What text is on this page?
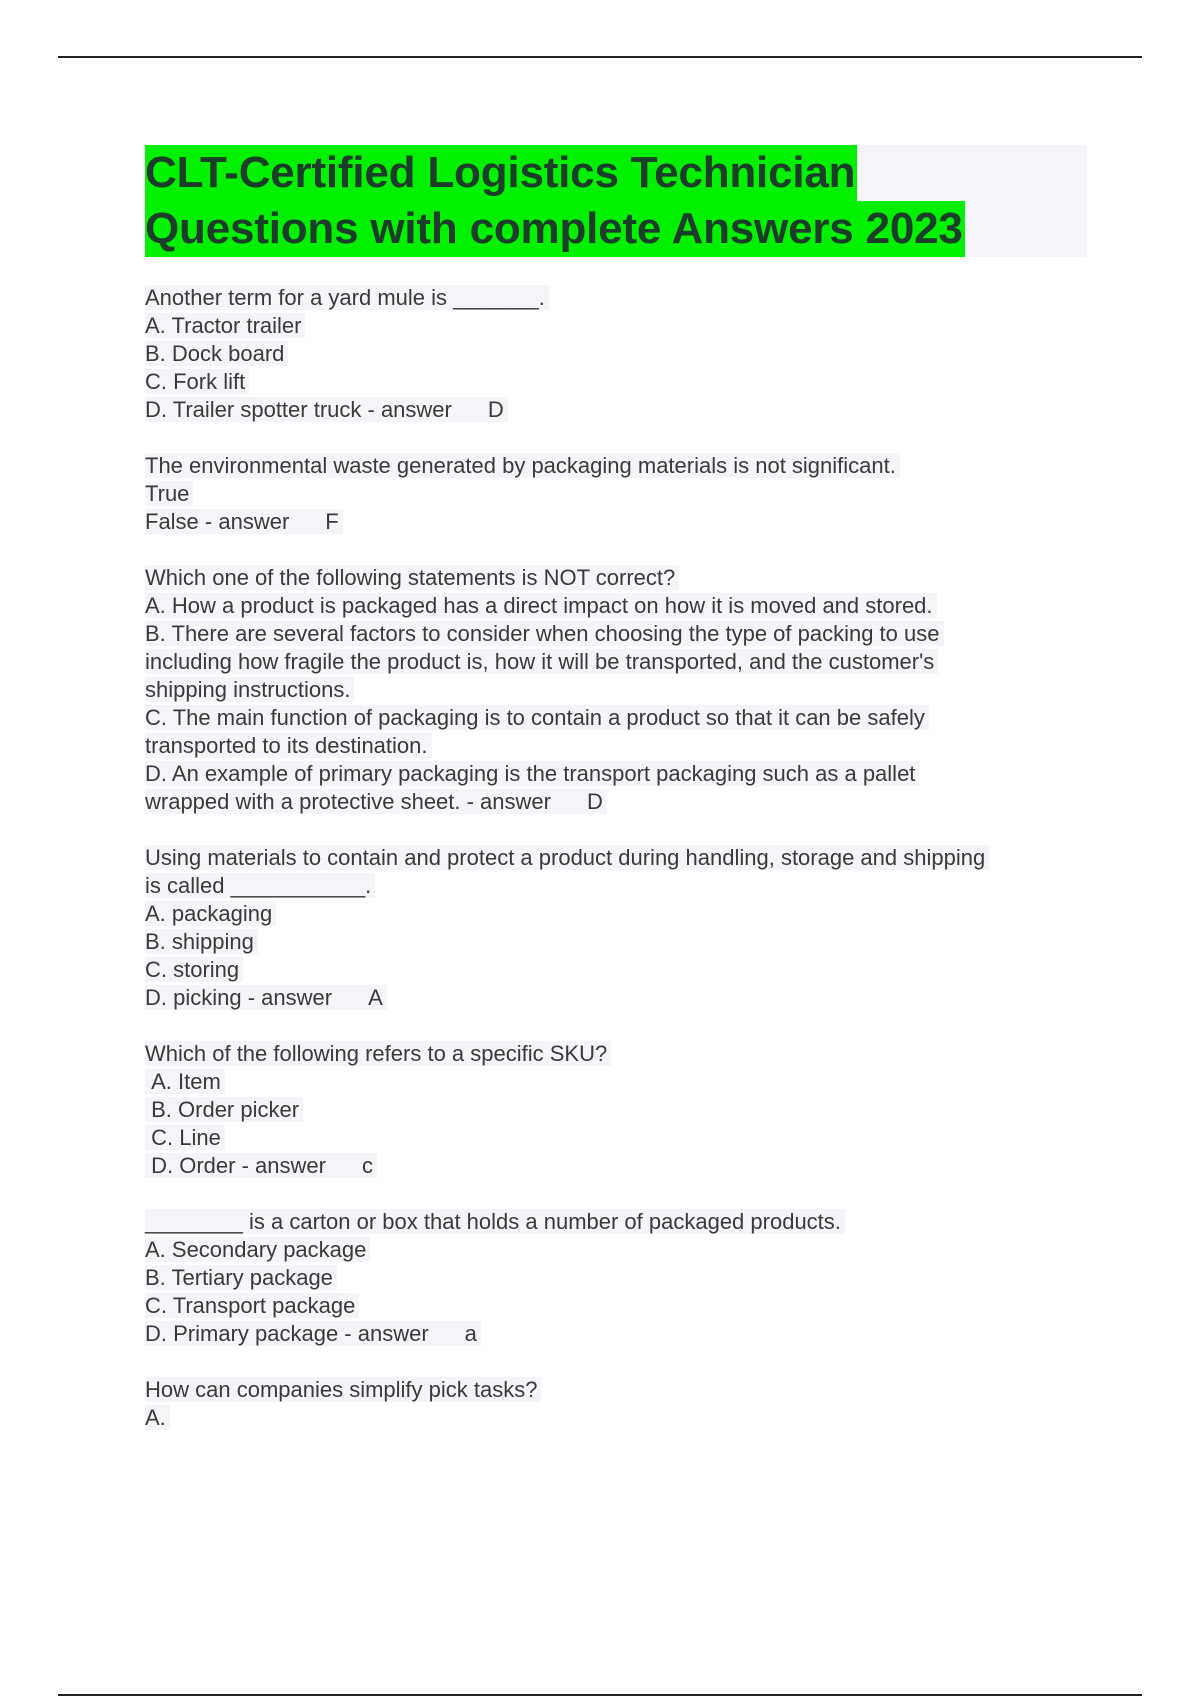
CLT-Certified Logistics Technician
Questions with complete Answers 2023
Another term for a yard mule is _______.
A. Tractor trailer
B. Dock board
C. Fork lift
D. Trailer spotter truck - answer D
The environmental waste generated by packaging materials is not significant.
True
False - answer F
Which one of the following statements is NOT correct?
A. How a product is packaged has a direct impact on how it is moved and stored.
B. There are several factors to consider when choosing the type of packing to use
including how fragile the product is, how it will be transported, and the customer's
shipping instructions.
C. The main function of packaging is to contain a product so that it can be safely
transported to its destination.
D. An example of primary packaging is the transport packaging such as a pallet
wrapped with a protective sheet. - answer D
Using materials to contain and protect a product during handling, storage and shipping
is called ___________.
A. packaging
B. shipping
C. storing
D. picking - answer A
Which of the following refers to a specific SKU?
A. Item
B. Order picker
C. Line
D. Order - answer c
________ is a carton or box that holds a number of packaged products.
A. Secondary package
B. Tertiary package
C. Transport package
D. Primary package - answer a
How can companies simplify pick tasks?
A.
